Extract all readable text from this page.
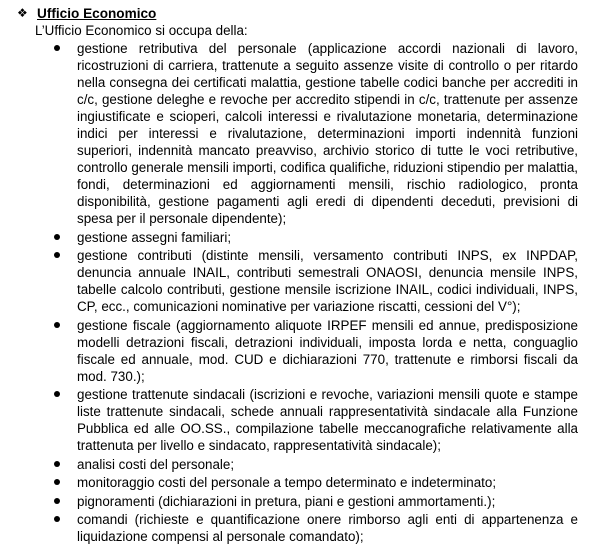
❖ Ufficio Economico
L’Ufficio Economico si occupa della:
gestione retributiva del personale (applicazione accordi nazionali di lavoro, ricostruzioni di carriera, trattenute a seguito assenze visite di controllo o per ritardo nella consegna dei certificati malattia, gestione tabelle codici banche per accrediti in c/c, gestione deleghe e revoche per accredito stipendi in c/c, trattenute per assenze ingiustificate e scioperi, calcoli interessi e rivalutazione monetaria, determinazione indici per interessi e rivalutazione, determinazioni importi indennità funzioni superiori, indennità mancato preavviso, archivio storico di tutte le voci retributive, controllo generale mensili importi, codifica qualifiche, riduzioni stipendio per malattia, fondi, determinazioni ed aggiornamenti mensili, rischio radiologico, pronta disponibilità, gestione pagamenti agli eredi di dipendenti deceduti, previsioni di spesa per il personale dipendente);
gestione assegni familiari;
gestione contributi (distinte mensili, versamento contributi INPS, ex INPDAP, denuncia annuale INAIL, contributi semestrali ONAOSI, denuncia mensile INPS, tabelle calcolo contributi, gestione mensile iscrizione INAIL, codici individuali, INPS, CP, ecc., comunicazioni nominative per variazione riscatti, cessioni del V°);
gestione fiscale (aggiornamento aliquote IRPEF mensili ed annue, predisposizione modelli detrazioni fiscali, detrazioni individuali, imposta lorda e netta, conguaglio fiscale ed annuale, mod. CUD e dichiarazioni 770, trattenute e rimborsi fiscali da mod. 730.);
gestione trattenute sindacali (iscrizioni e revoche, variazioni mensili quote e stampe liste trattenute sindacali, schede annuali rappresentatività sindacale alla Funzione Pubblica ed alle OO.SS., compilazione tabelle meccanografiche relativamente alla trattenuta per livello e sindacato, rappresentatività sindacale);
analisi costi del personale;
monitoraggio costi del personale a tempo determinato e indeterminato;
pignoramenti (dichiarazioni in pretura, piani e gestioni ammortamenti.);
comandi (richieste e quantificazione onere rimborso agli enti di appartenenza e liquidazione compensi al personale comandato);
